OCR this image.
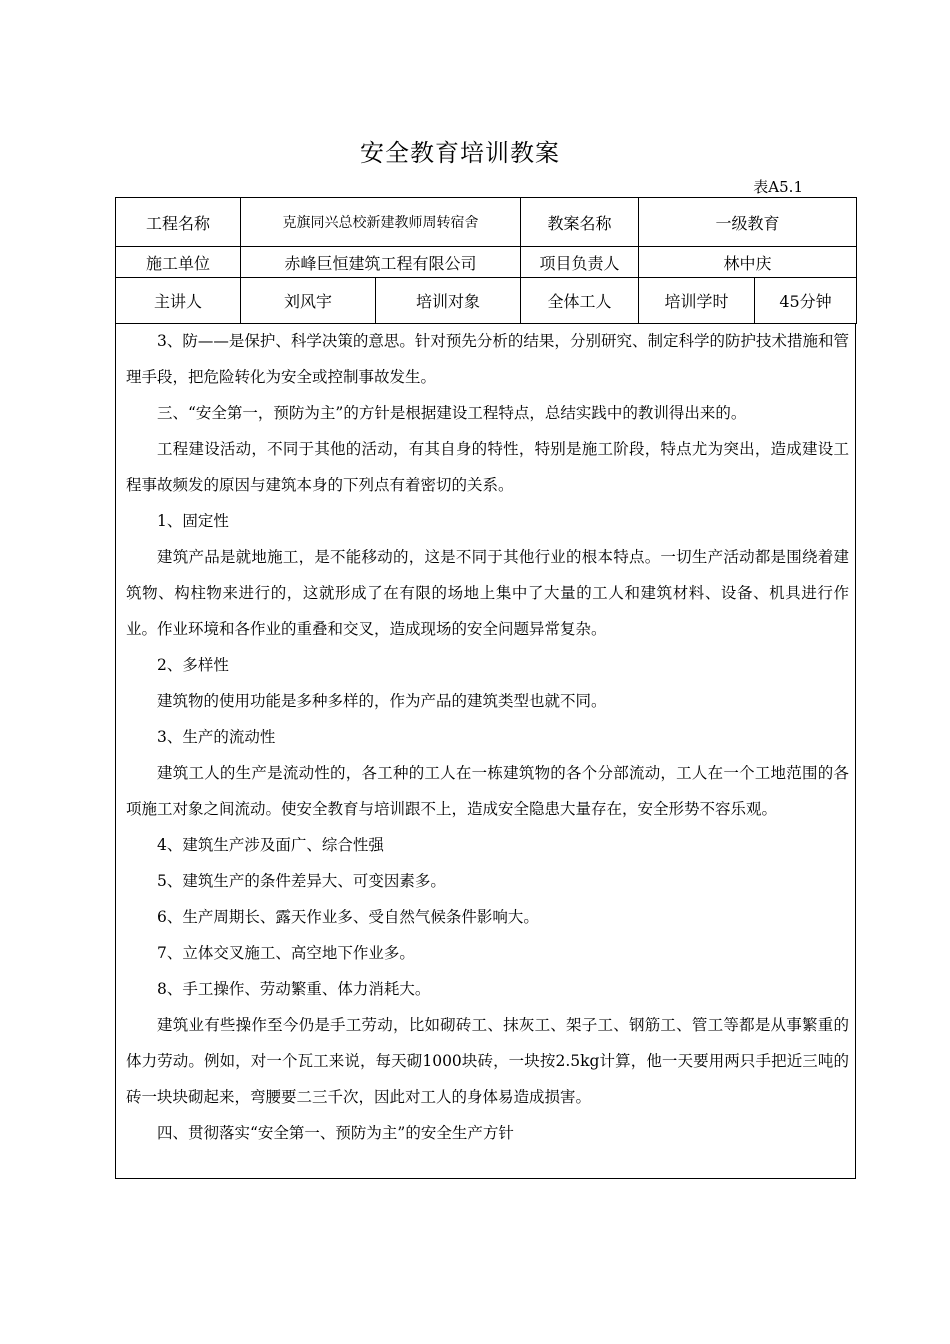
安全教育培训教案
表A5.1
工程名称	克旗同兴总校新建教师周转宿舍		教案名称	一级教育	
施工单位	赤峰巨恒建筑工程有限公司		项目负责人	林中庆	
主讲人	刘风宇	培训对象	全体工人	培训学时	45分钟

3、防——是保护、科学决策的意思。针对预先分析的结果，分别研究、制定科学的防护技术措施和管理手段，把危险转化为安全或控制事故发生。

三、“安全第一，预防为主”的方针是根据建设工程特点，总结实践中的教训得出来的。

工程建设活动，不同于其他的活动，有其自身的特性，特别是施工阶段，特点尤为突出，造成建设工程事故频发的原因与建筑本身的下列点有着密切的关系。

1、固定性

建筑产品是就地施工，是不能移动的，这是不同于其他行业的根本特点。一切生产活动都是围绕着建筑物、构柱物来进行的，这就形成了在有限的场地上集中了大量的工人和建筑材料、设备、机具进行作业。作业环境和各作业的重叠和交叉，造成现场的安全问题异常复杂。

2、多样性

建筑物的使用功能是多种多样的，作为产品的建筑类型也就不同。

3、生产的流动性

建筑工人的生产是流动性的，各工种的工人在一栋建筑物的各个分部流动，工人在一个工地范围的各项施工对象之间流动。使安全教育与培训跟不上，造成安全隐患大量存在，安全形势不容乐观。

4、建筑生产涉及面广、综合性强

5、建筑生产的条件差异大、可变因素多。

6、生产周期长、露天作业多、受自然气候条件影响大。

7、立体交叉施工、高空地下作业多。

8、手工操作、劳动繁重、体力消耗大。

建筑业有些操作至今仍是手工劳动，比如砌砖工、抹灰工、架子工、钢筋工、管工等都是从事繁重的体力劳动。例如，对一个瓦工来说，每天砌1000块砖，一块按2.5kg计算，他一天要用两只手把近三吨的砖一块块砌起来，弯腰要二三千次，因此对工人的身体易造成损害。

四、贯彻落实“安全第一、预防为主”的安全生产方针
